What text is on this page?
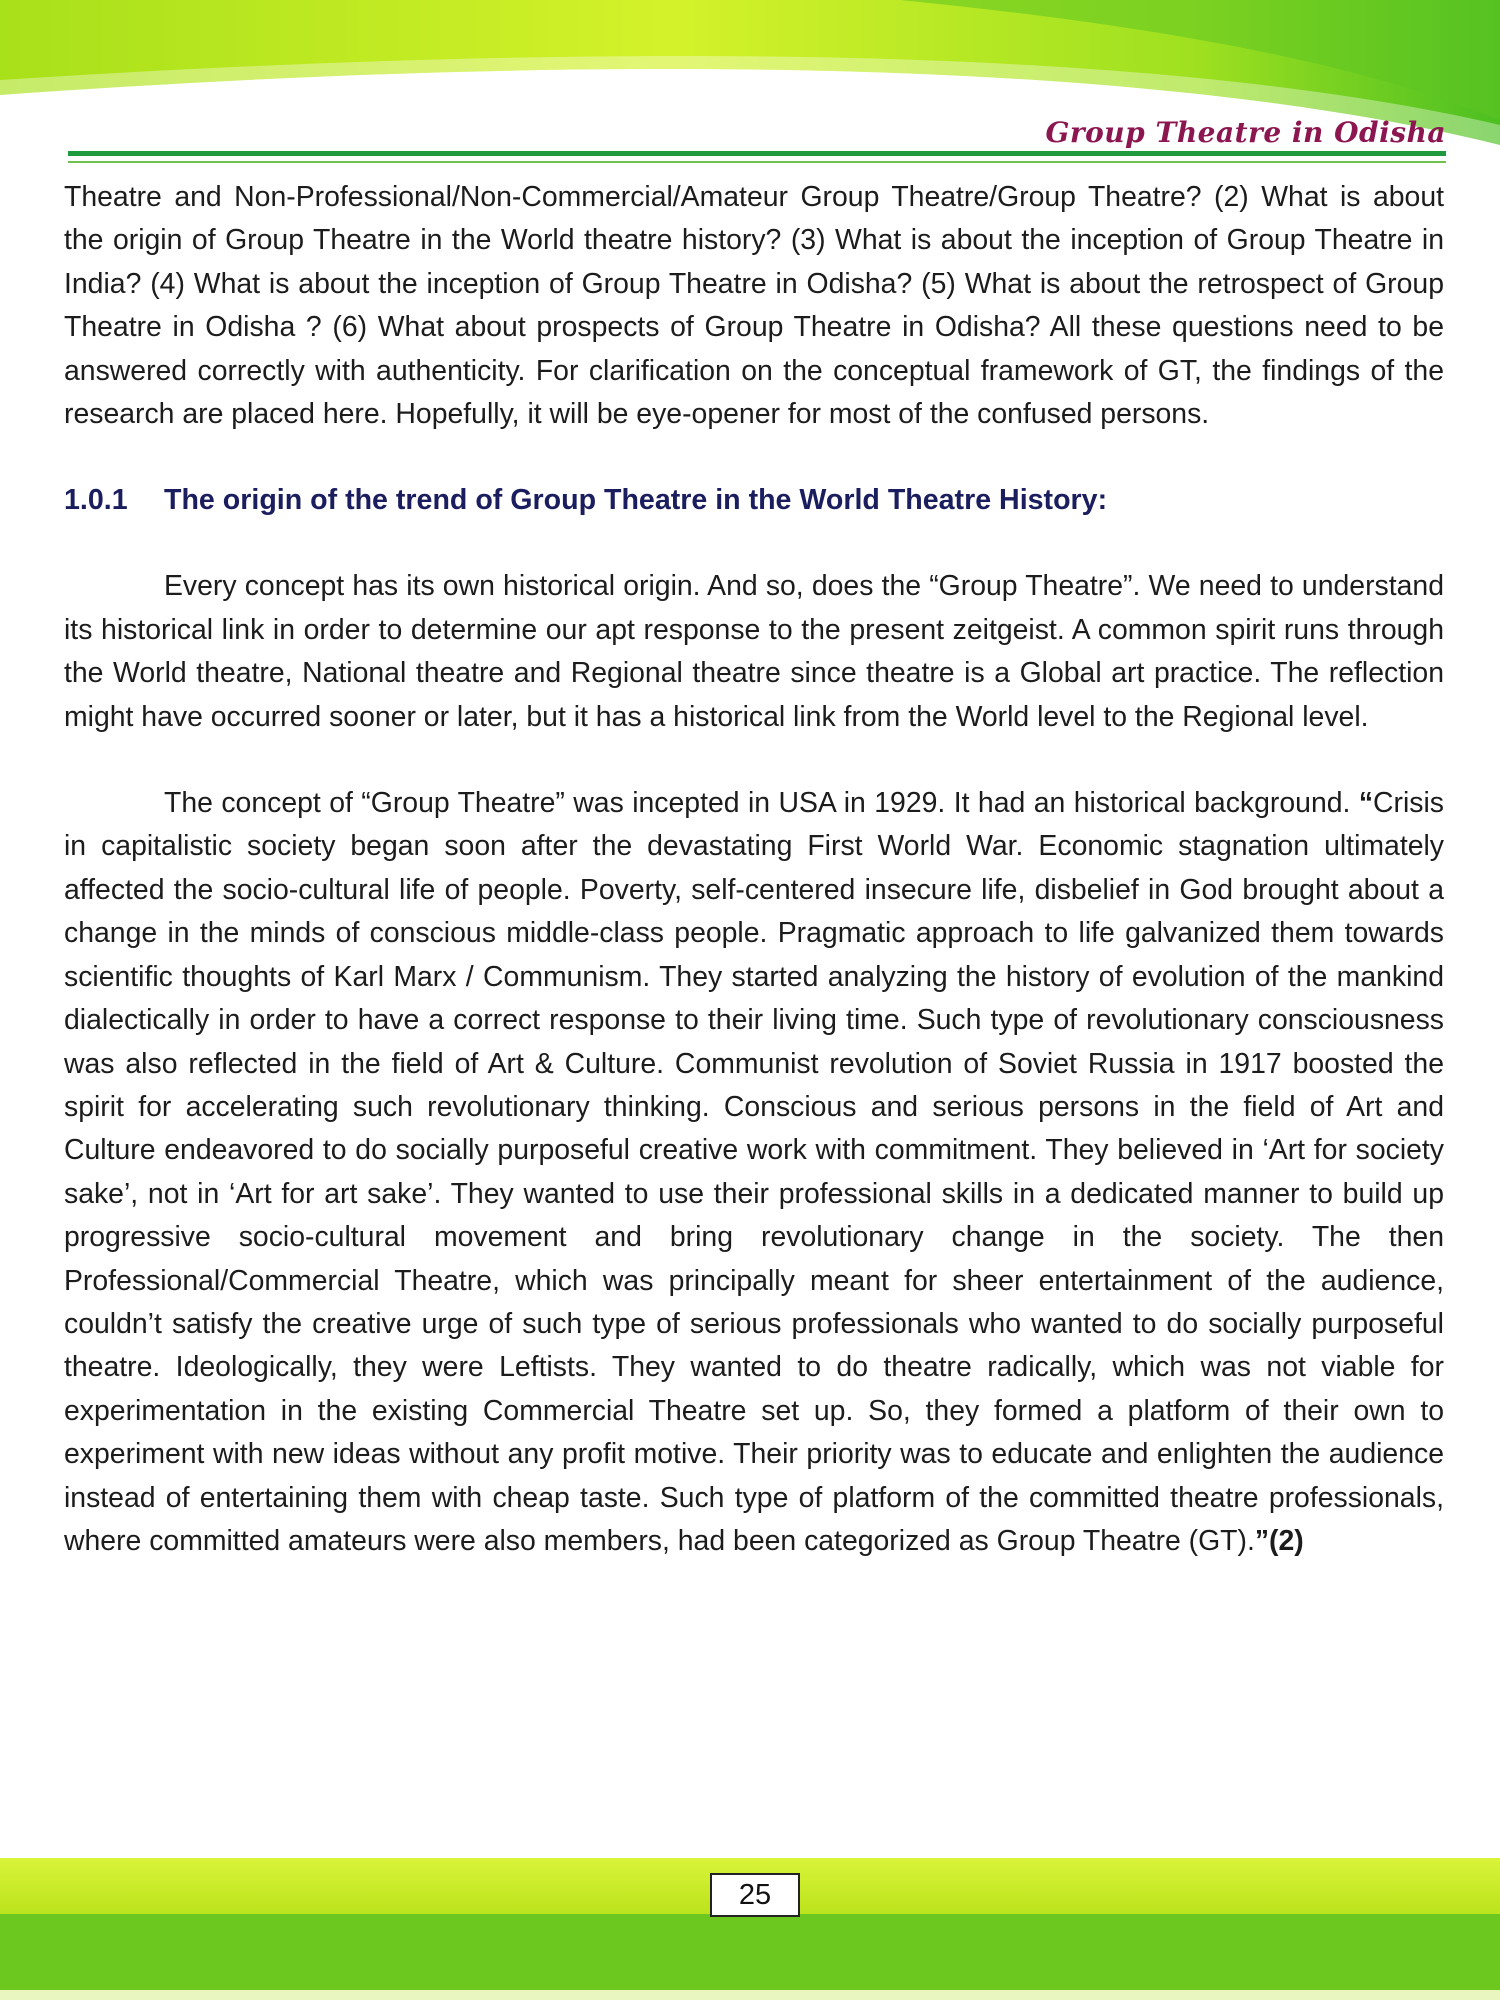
Group Theatre in Odisha

Theatre and Non-Professional/Non-Commercial/Amateur Group Theatre/Group Theatre? (2) What is about the origin of Group Theatre in the World theatre history? (3) What is about the inception of Group Theatre in India? (4) What is about the inception of Group Theatre in Odisha? (5) What is about the retrospect of Group Theatre in Odisha ? (6) What about prospects of Group Theatre in Odisha? All these questions need to be answered correctly with authenticity. For clarification on the conceptual framework of GT, the findings of the research are placed here. Hopefully, it will be eye-opener for most of the confused persons.

1.0.1 The origin of the trend of Group Theatre in the World Theatre History:

Every concept has its own historical origin. And so, does the “Group Theatre”. We need to understand its historical link in order to determine our apt response to the present zeitgeist. A common spirit runs through the World theatre, National theatre and Regional theatre since theatre is a Global art practice. The reflection might have occurred sooner or later, but it has a historical link from the World level to the Regional level.

The concept of “Group Theatre” was incepted in USA in 1929. It had an historical background. “Crisis in capitalistic society began soon after the devastating First World War. Economic stagnation ultimately affected the socio-cultural life of people. Poverty, self-centered insecure life, disbelief in God brought about a change in the minds of conscious middle-class people. Pragmatic approach to life galvanized them towards scientific thoughts of Karl Marx / Communism. They started analyzing the history of evolution of the mankind dialectically in order to have a correct response to their living time. Such type of revolutionary consciousness was also reflected in the field of Art & Culture. Communist revolution of Soviet Russia in 1917 boosted the spirit for accelerating such revolutionary thinking. Conscious and serious persons in the field of Art and Culture endeavored to do socially purposeful creative work with commitment. They believed in ‘Art for society sake’, not in ‘Art for art sake’. They wanted to use their professional skills in a dedicated manner to build up progressive socio-cultural movement and bring revolutionary change in the society. The then Professional/Commercial Theatre, which was principally meant for sheer entertainment of the audience, couldn’t satisfy the creative urge of such type of serious professionals who wanted to do socially purposeful theatre. Ideologically, they were Leftists. They wanted to do theatre radically, which was not viable for experimentation in the existing Commercial Theatre set up. So, they formed a platform of their own to experiment with new ideas without any profit motive. Their priority was to educate and enlighten the audience instead of entertaining them with cheap taste. Such type of platform of the committed theatre professionals, where committed amateurs were also members, had been categorized as Group Theatre (GT).”(2)

25
